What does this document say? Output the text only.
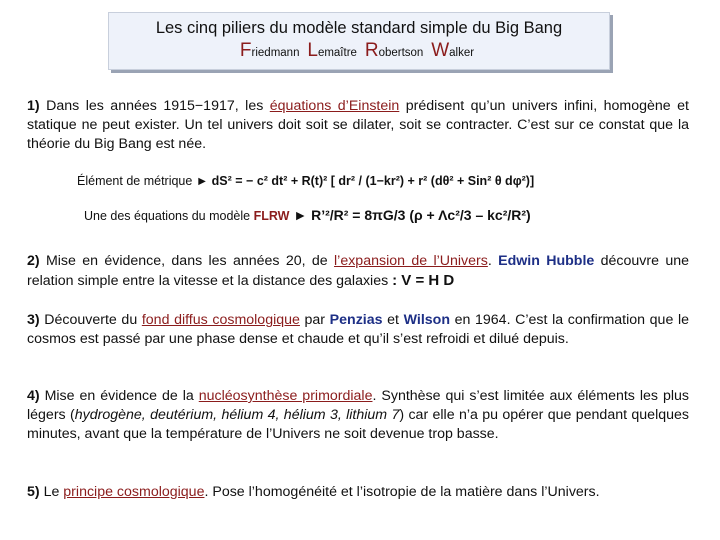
Les cinq piliers du modèle standard simple du Big Bang
Friedmann Lemaître Robertson Walker
1) Dans les années 1915−1917, les équations d’Einstein prédisent qu’un univers infini, homogène et statique ne peut exister. Un tel univers doit soit se dilater, soit se contracter. C’est sur ce constat que la théorie du Big Bang est née.
Élément de métrique ► dS² = − c² dt² + R(t)² [ dr² / (1−kr²) + r² (dθ² + Sin² θ dφ²)]
Une des équations du modèle FLRW ► R’²/R² = 8πG/3 (ρ + Λc²/3 – kc²/R²)
2) Mise en évidence, dans les années 20, de l’expansion de l’Univers. Edwin Hubble découvre une relation simple entre la vitesse et la distance des galaxies : V = H D
3) Découverte du fond diffus cosmologique par Penzias et Wilson en 1964. C’est la confirmation que le cosmos est passé par une phase dense et chaude et qu’il s’est refroidi et dilué depuis.
4) Mise en évidence de la nucléosynthèse primordiale. Synthèse qui s’est limitée aux éléments les plus légers (hydrogène, deutérium, hélium 4, hélium 3, lithium 7) car elle n’a pu opérer que pendant quelques minutes, avant que la température de l’Univers ne soit devenue trop basse.
5) Le principe cosmologique. Pose l’homogénéité et l’isotropie de la matière dans l’Univers.
